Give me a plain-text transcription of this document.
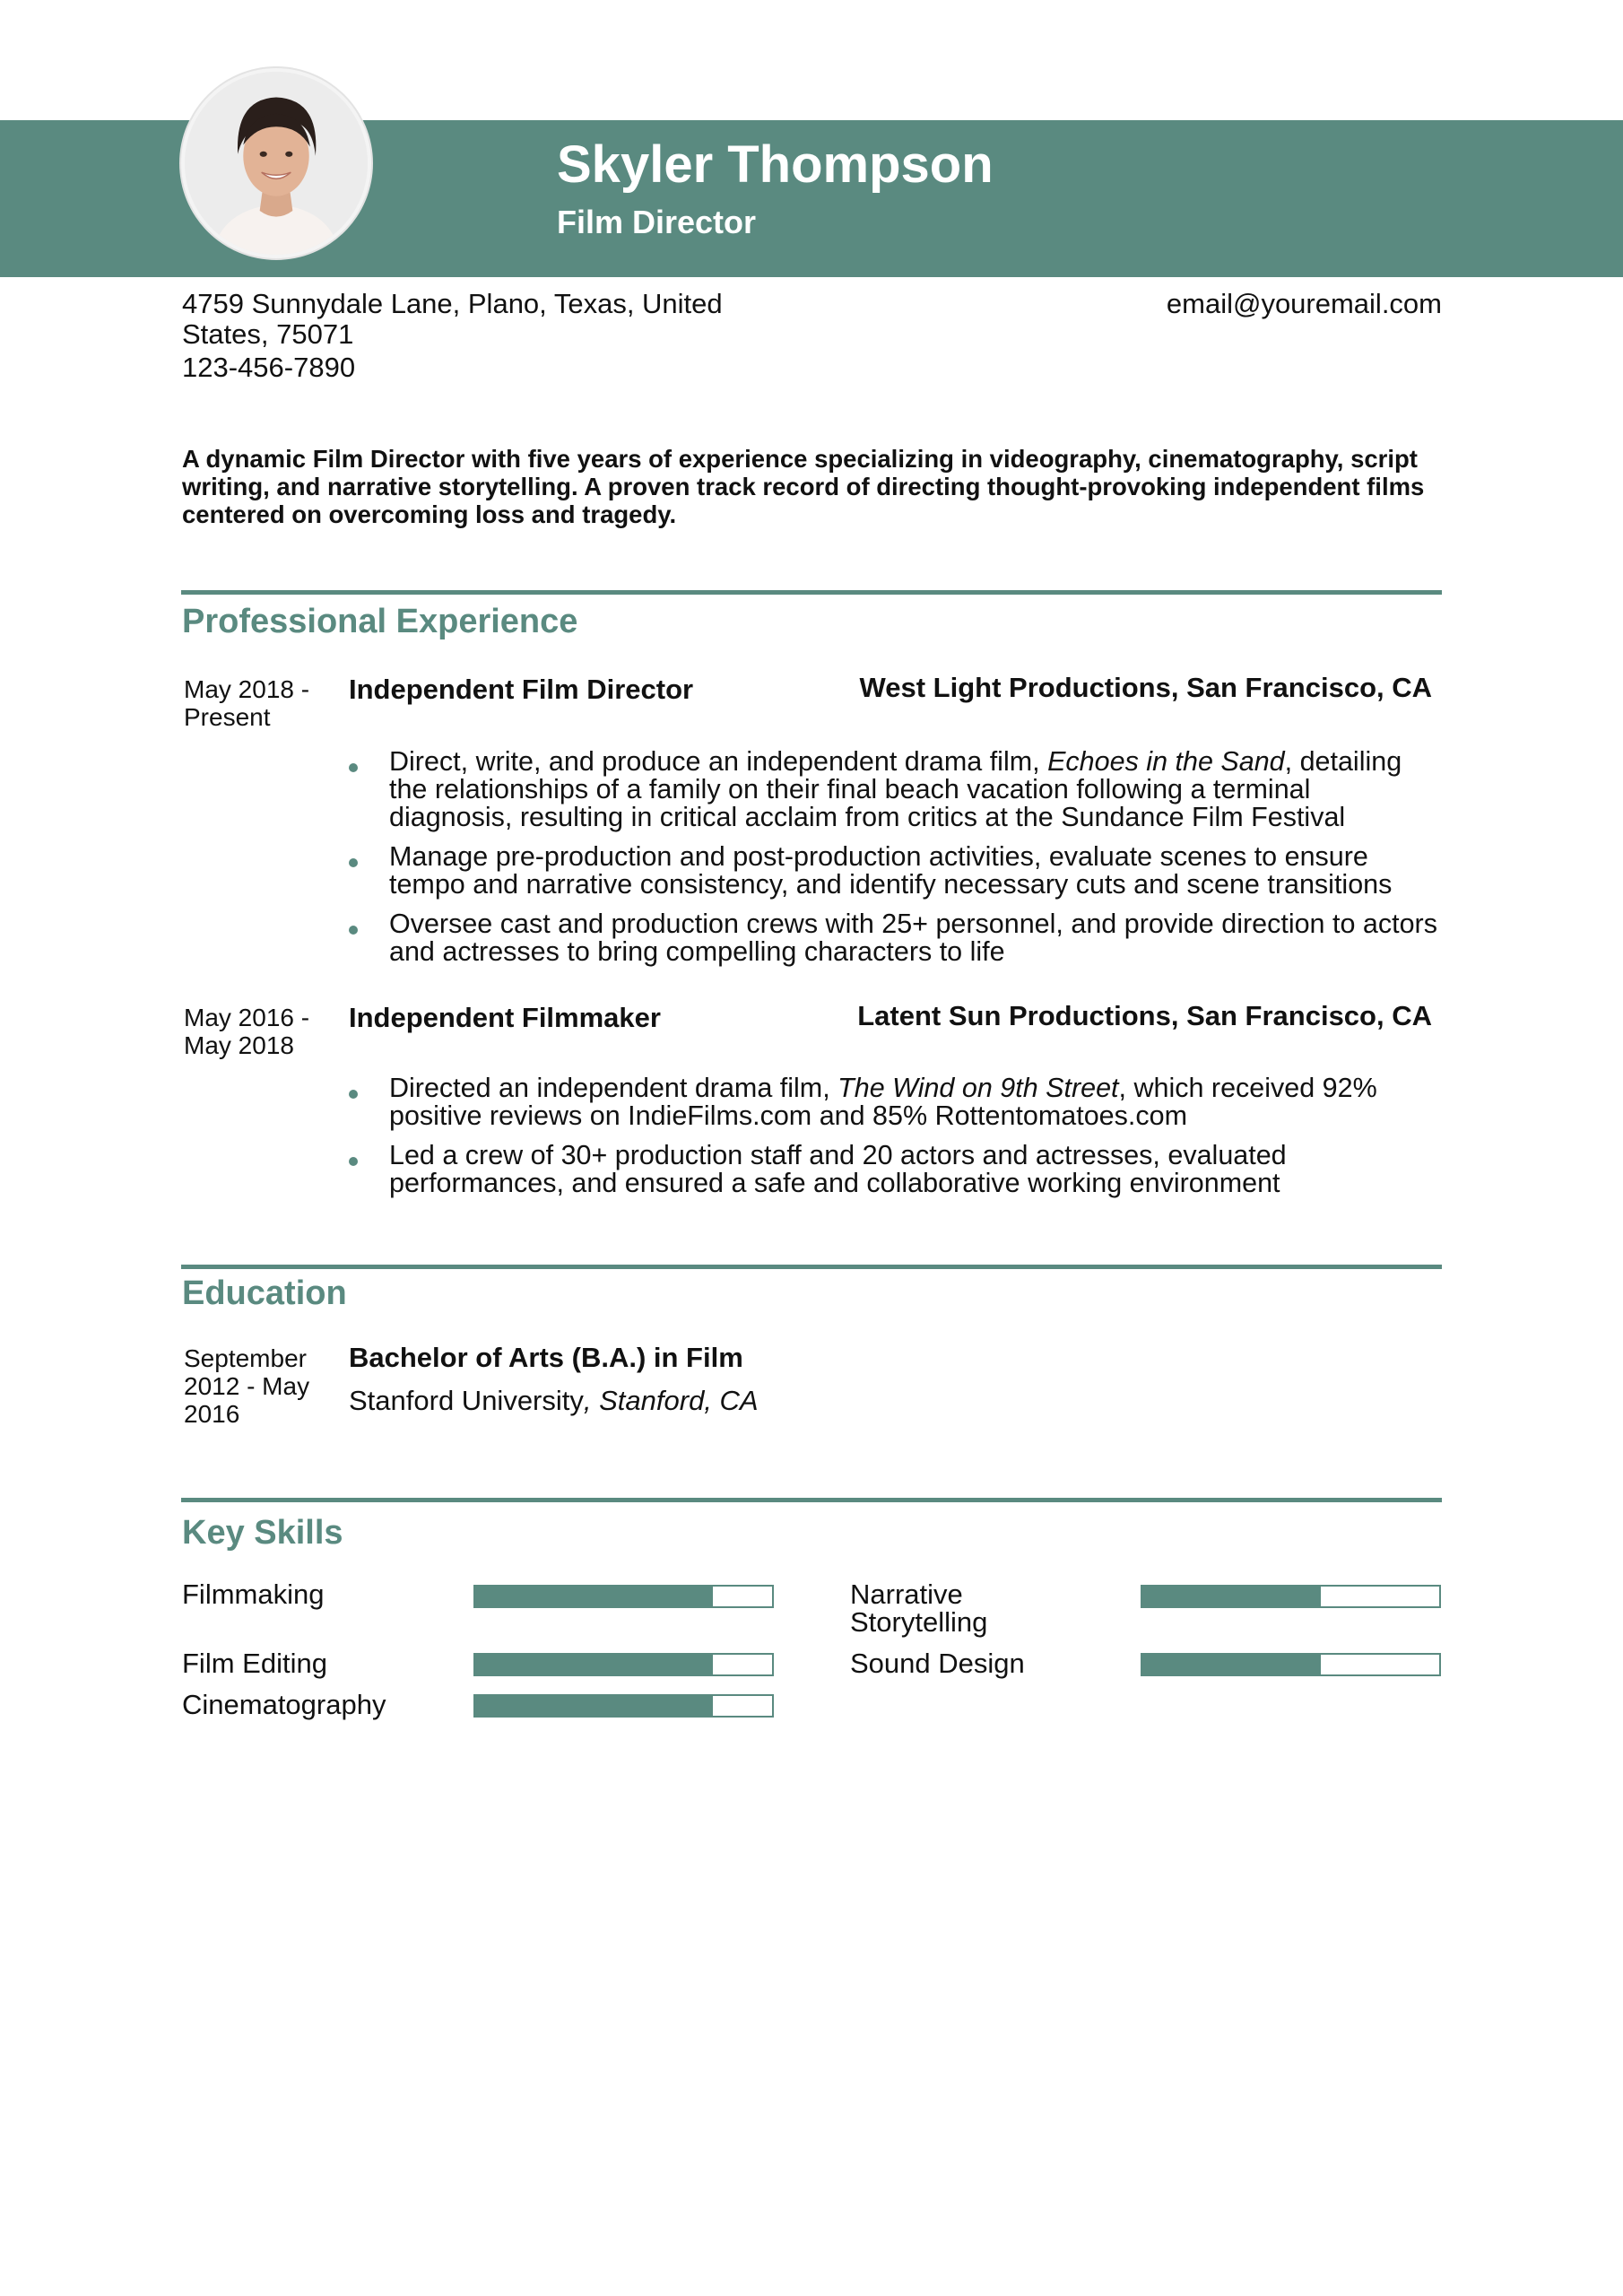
Skyler Thompson
Film Director
4759 Sunnydale Lane, Plano, Texas, United States, 75071
123-456-7890
email@youremail.com
A dynamic Film Director with five years of experience specializing in videography, cinematography, script writing, and narrative storytelling. A proven track record of directing thought-provoking independent films centered on overcoming loss and tragedy.
Professional Experience
May 2018 - Present
Independent Film Director	West Light Productions, San Francisco, CA
Direct, write, and produce an independent drama film, Echoes in the Sand, detailing the relationships of a family on their final beach vacation following a terminal diagnosis, resulting in critical acclaim from critics at the Sundance Film Festival
Manage pre-production and post-production activities, evaluate scenes to ensure tempo and narrative consistency, and identify necessary cuts and scene transitions
Oversee cast and production crews with 25+ personnel, and provide direction to actors and actresses to bring compelling characters to life
May 2016 - May 2018
Independent Filmmaker	Latent Sun Productions, San Francisco, CA
Directed an independent drama film, The Wind on 9th Street, which received 92% positive reviews on IndieFilms.com and 85% Rottentomatoes.com
Led a crew of 30+ production staff and 20 actors and actresses, evaluated performances, and ensured a safe and collaborative working environment
Education
September 2012 - May 2016
Bachelor of Arts (B.A.) in Film
Stanford University, Stanford, CA
Key Skills
Filmmaking
Film Editing
Cinematography
Narrative Storytelling
Sound Design
